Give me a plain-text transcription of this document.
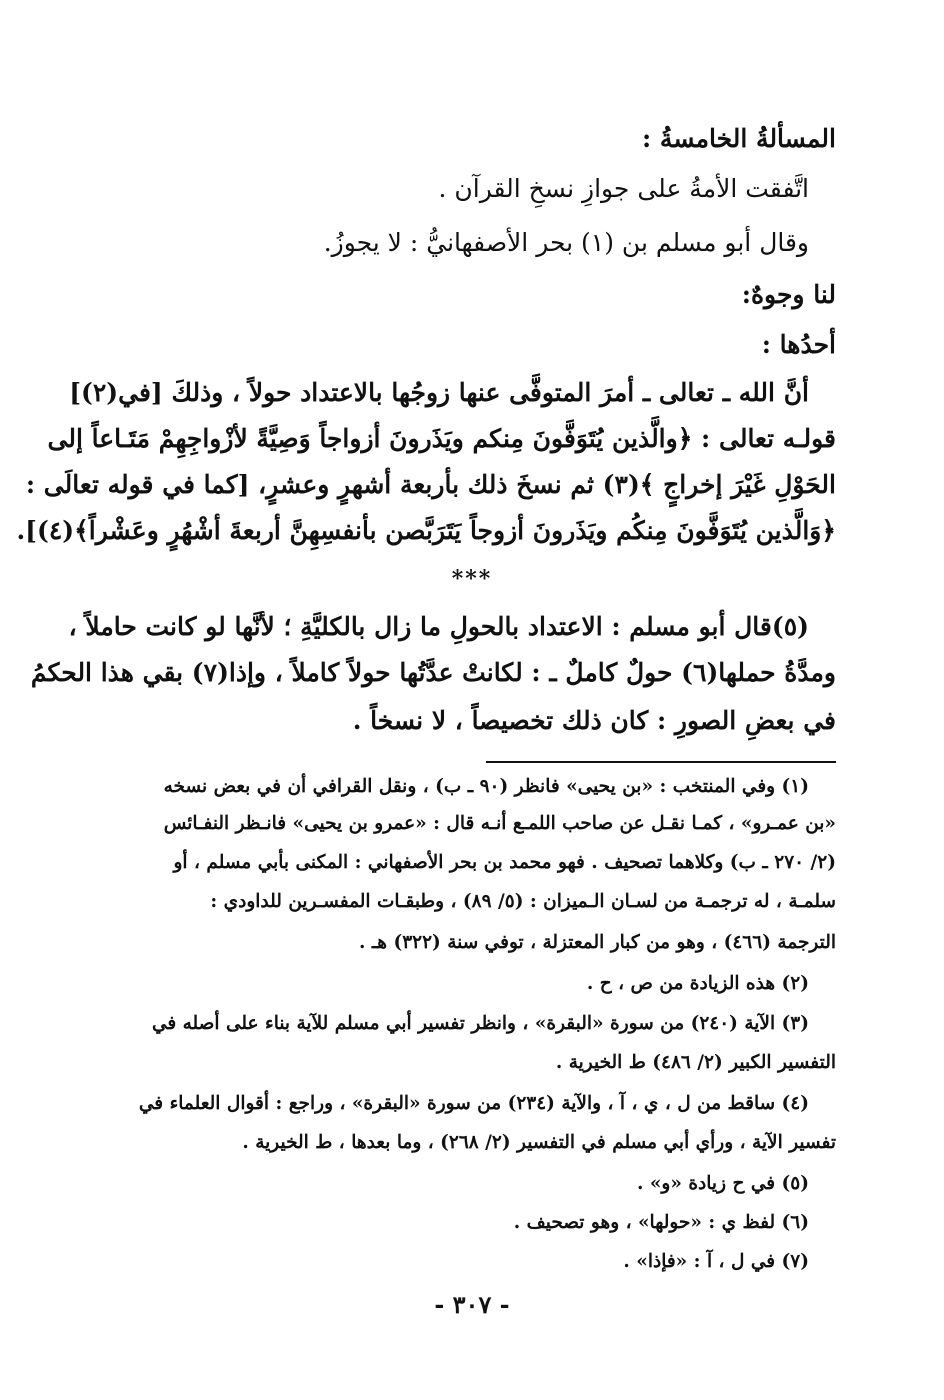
المسألةُ الخامسةُ :
اتَّفقت الأمةُ على جوازِ نسخِ القرآن .
وقال أبو مسلم بن (١) بحر الأصفهانيُّ : لا يجوزُ.
لنا وجوهٌ:
أحدُها :
أنَّ الله ـ تعالى ـ أمرَ المتوفَّى عنها زوجُها بالاعتداد حولاً ، وذلكَ [في(٢)]
قولـه تعالى : ﴿والَّذين يُتَوَفَّونَ مِنكم ويَذَرونَ أزواجاً وَصِيَّةً لأزْواجِهِمْ مَتَـاعاً إلى
الحَوْلِ غَيْرَ إخراجٍ ﴾(٣) ثم نسخَ ذلك بأربعة أشهرٍ وعشرٍ، [كما في قوله تعالَى :
﴿وَالَّذين يُتَوَفَّونَ مِنكُم ويَذَرونَ أزوجاً يَتَرَبَّصن بأنفسِهِنَّ أربعةَ أشْهُرٍ وعَشْراً﴾(٤)].
***
(٥)قال أبو مسلم : الاعتداد بالحولِ ما زال بالكليَّةِ ؛ لأنَّها لو كانت حاملاً ،
ومدَّةُ حملها(٦) حولٌ كاملٌ ـ : لكانتْ عدَّتُها حولاً كاملاً ، وإذا(٧) بقي هذا الحكمُ
في بعضِ الصورِ : كان ذلك تخصيصاً ، لا نسخاً .
(١) وفي المنتخب : «بن يحيى» فانظر (٩٠ ـ ب) ، ونقل القرافي أن في بعض نسخه
«بن عمـرو» ، كمـا نقـل عن صاحب اللمـع أنـه قال : «عمرو بن يحيى» فانـظر النفـائس
(٢/ ٢٧٠ ـ ب) وكلاهما تصحيف . فهو محمد بن بحر الأصفهاني : المكنى بأبي مسلم ، أو
سلمـة ، له ترجمـة من لسـان الـميزان : (٥/ ٨٩) ، وطبقـات المفسـرين للداودي :
الترجمة (٤٦٦) ، وهو من كبار المعتزلة ، توفي سنة (٣٢٢) هـ .
(٢) هذه الزيادة من ص ، ح .
(٣) الآية (٢٤٠) من سورة «البقرة» ، وانظر تفسير أبي مسلم للآية بناء على أصله في
التفسير الكبير (٢/ ٤٨٦) ط الخيرية .
(٤) ساقط من ل ، ي ، آ ، والآية (٢٣٤) من سورة «البقرة» ، وراجع : أقوال العلماء في
تفسير الآية ، ورأي أبي مسلم في التفسير (٢/ ٢٦٨) ، وما بعدها ، ط الخيرية .
(٥) في ح زيادة «و» .
(٦) لفظ ي : «حولها» ، وهو تصحيف .
(٧) في ل ، آ : «فإذا» .
- ٣٠٧ -
